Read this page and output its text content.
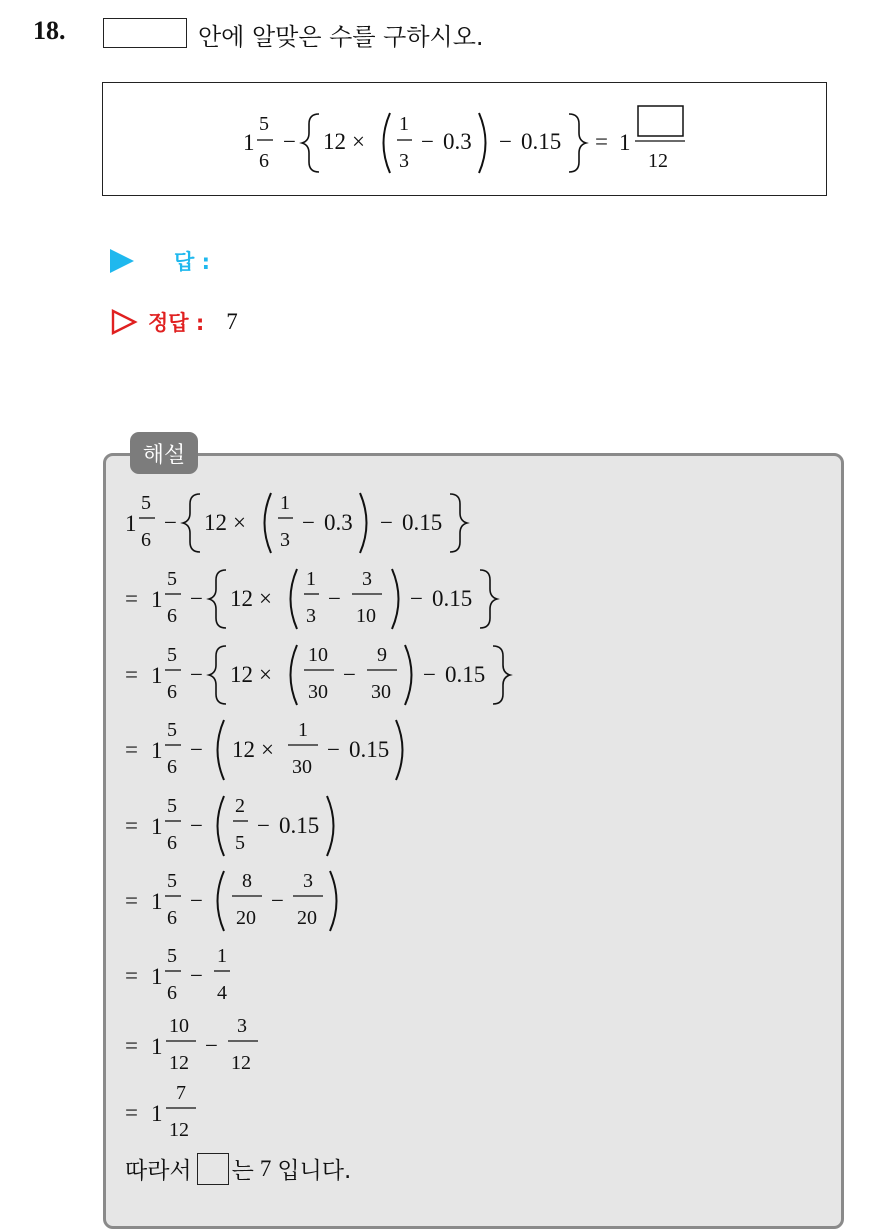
18.	안에 알맞은 수를 구하시오.
1
5
6
− 12 ×
1
3
− 0.3 − 0.15 = 1
12
답 :
정답 : 7
해설
1
5
6
− 12 ×
1
3
− 0.3 − 0.15
= 1
5
6
− 12 ×
1
3
−
3
10
− 0.15
= 1
5
6
− 12 ×
10
30
−
9
30
− 0.15
= 1
5
6
− 12 ×
1
30
− 0.15
= 1
5
6
−
2
5
− 0.15
= 1
5
6
−
8
20
−
3
20
= 1
5
6
−
1
4
= 1
10
12
−
3
12
= 1
7
12
따라서 는 7 입니다.
